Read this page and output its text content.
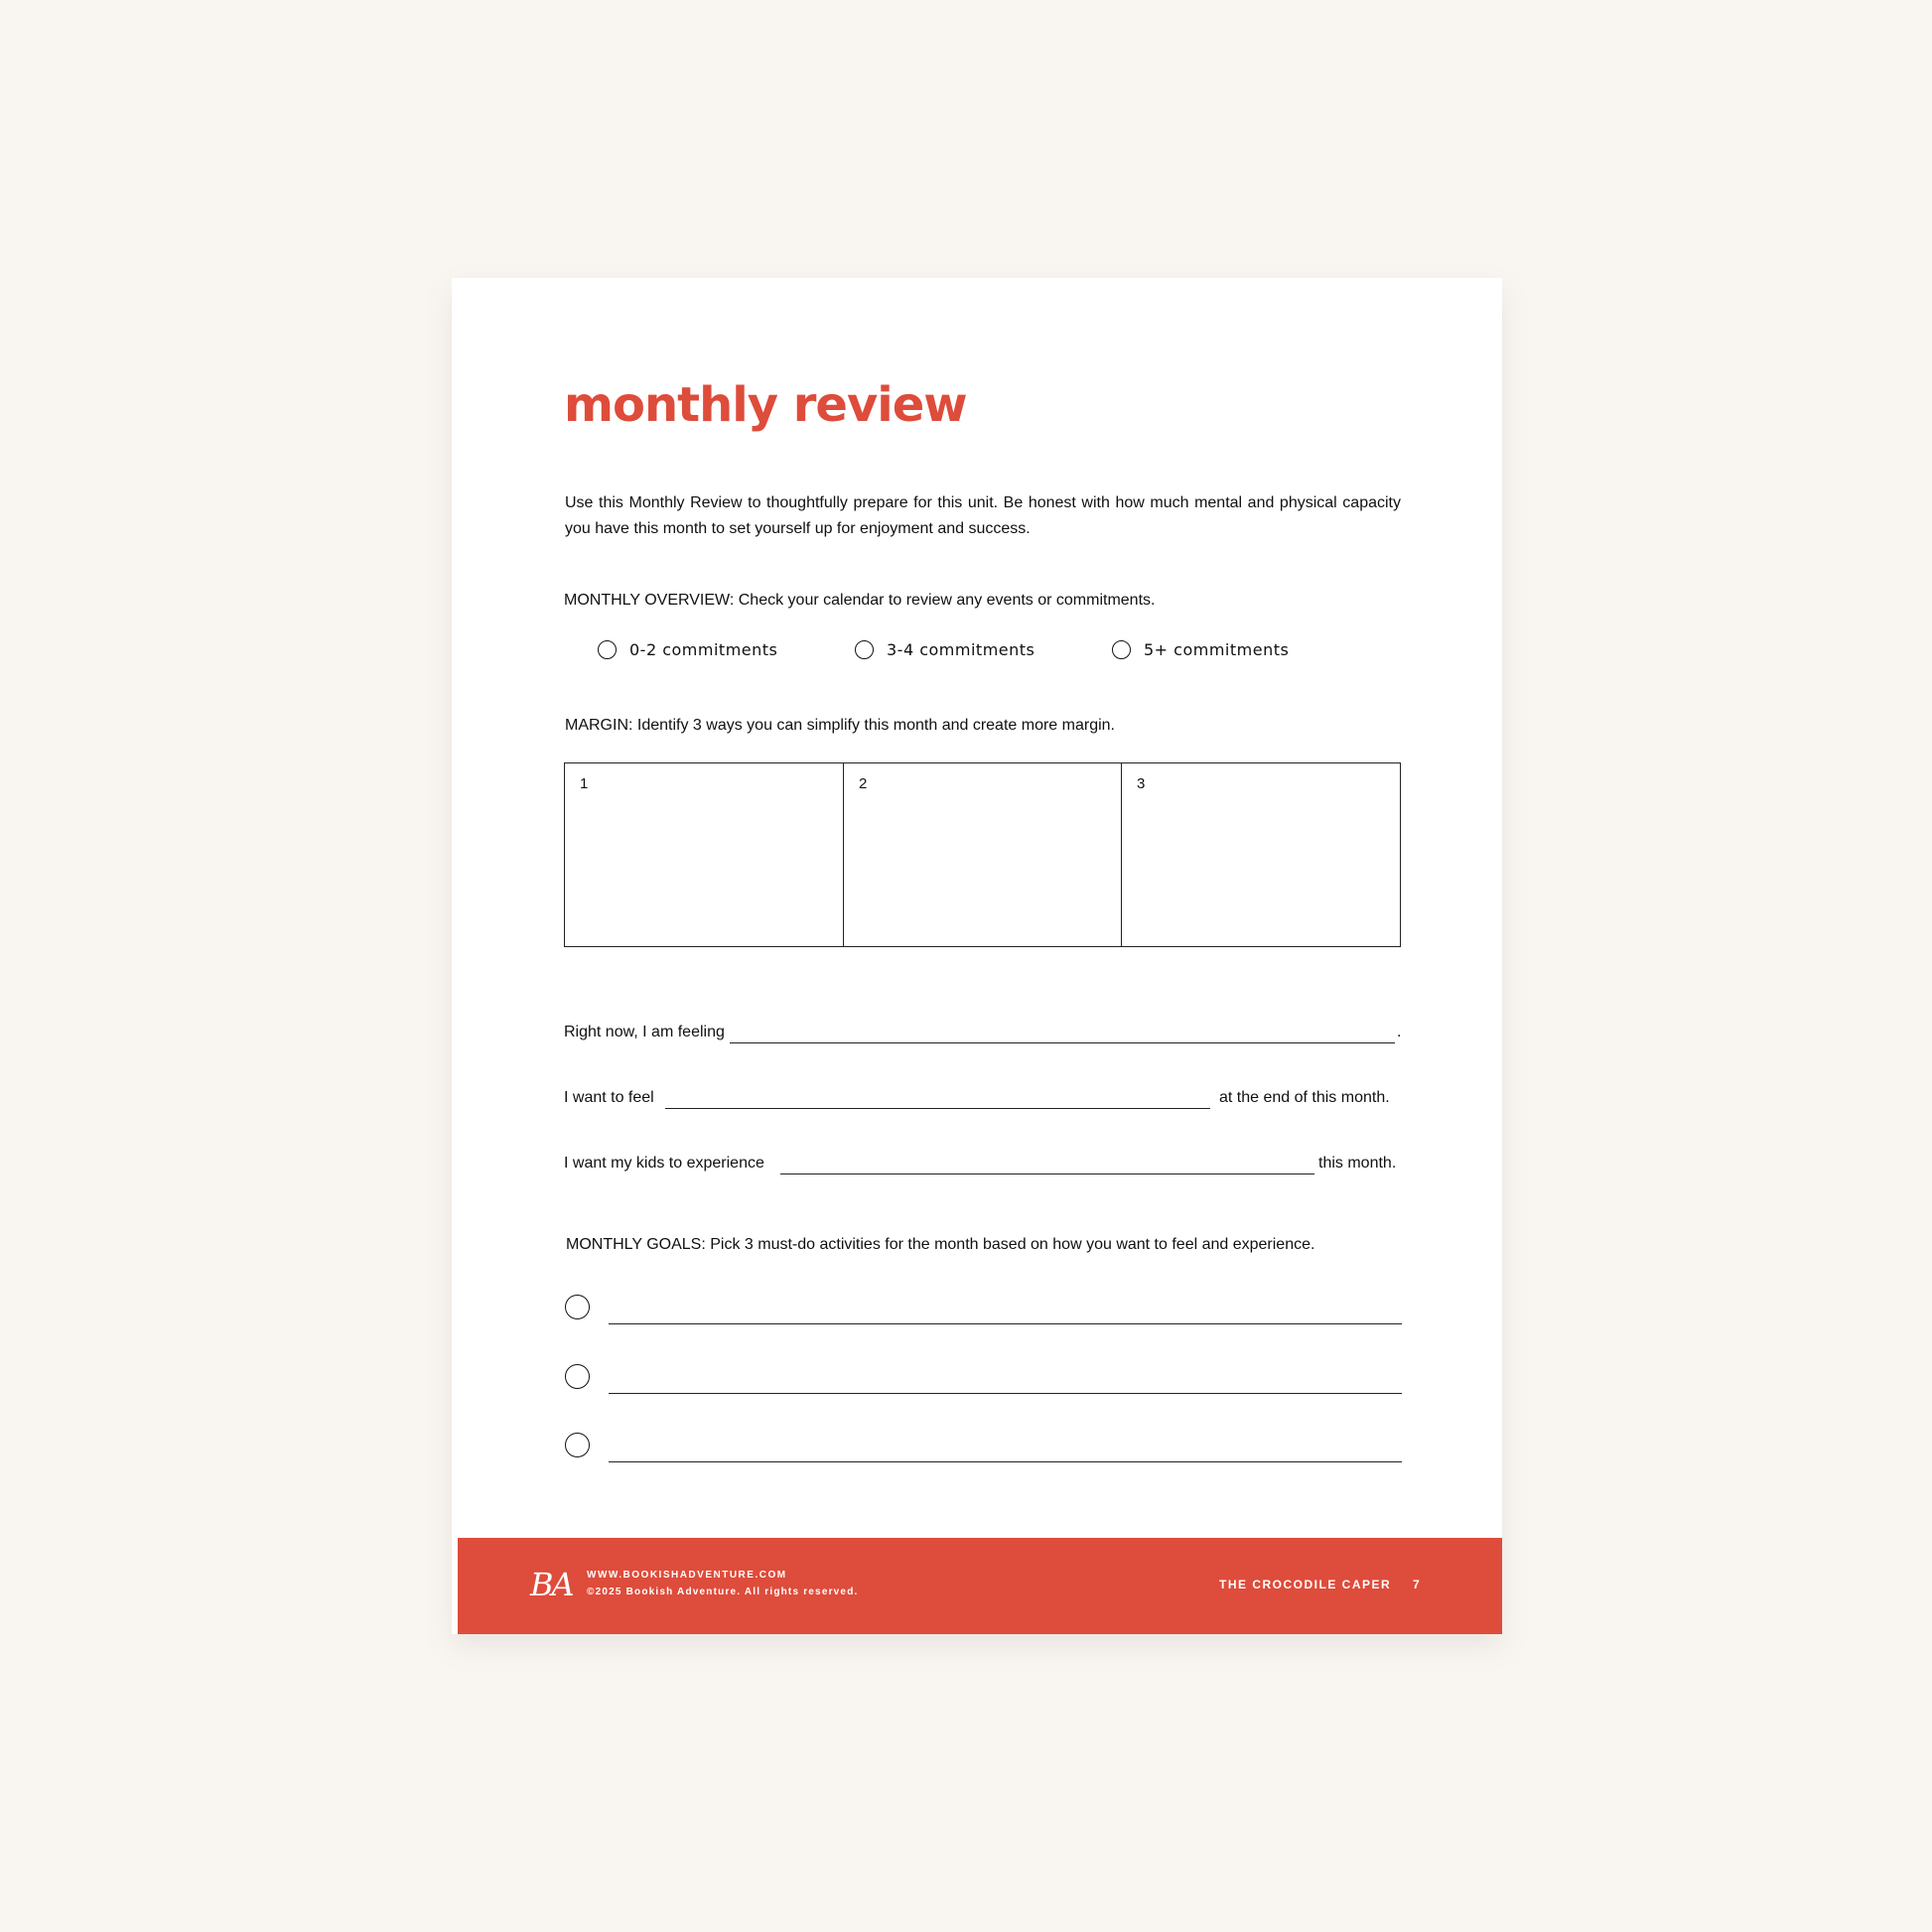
monthly review

Use this Monthly Review to thoughtfully prepare for this unit. Be honest with how much mental and physical capacity you have this month to set yourself up for enjoyment and success.

MONTHLY OVERVIEW: Check your calendar to review any events or commitments.

0-2 commitments	3-4 commitments	5+ commitments

MARGIN: Identify 3 ways you can simplify this month and create more margin.

1	2	3
Right now, I am feeling	.
I want to feel	at the end of this month.
I want my kids to experience	this month.

MONTHLY GOALS: Pick 3 must-do activities for the month based on how you want to feel and experience.

BA WWW.BOOKISHADVENTURE.COM
©2025 Bookish Adventure. All rights reserved.
THE CROCODILE CAPER 7
